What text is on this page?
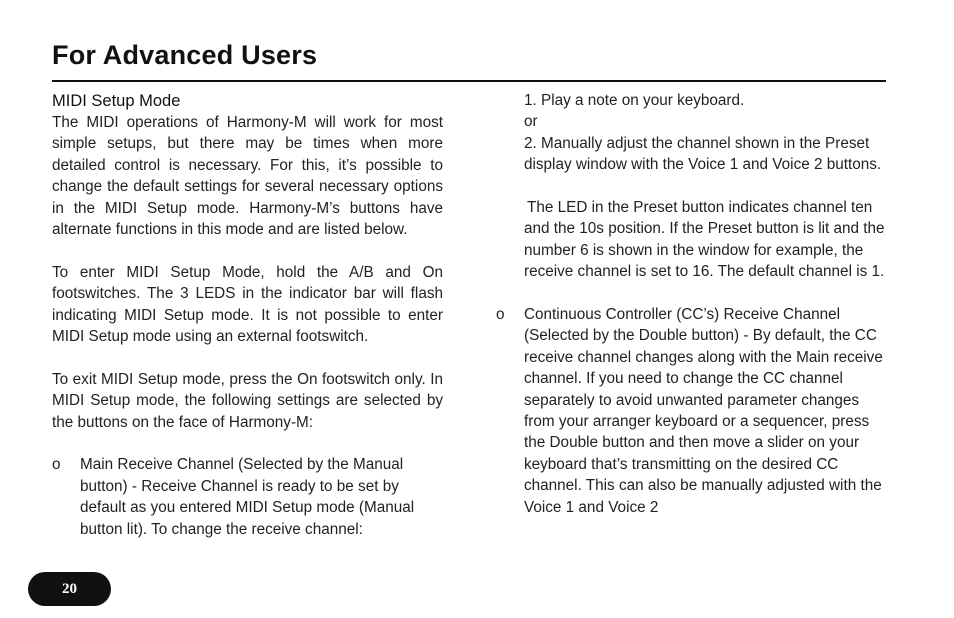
For Advanced Users

MIDI Setup Mode

The MIDI operations of Harmony-M will work for most simple setups, but there may be times when more detailed control is necessary. For this, it’s possible to change the default settings for several necessary options in the MIDI Setup mode. Harmony-M’s buttons have alternate functions in this mode and are listed below.

To enter MIDI Setup Mode, hold the A/B and On footswitches. The 3 LEDS in the indicator bar will flash indicating MIDI Setup mode. It is not possible to enter MIDI Setup mode using an external footswitch.

To exit MIDI Setup mode, press the On footswitch only. In MIDI Setup mode, the following settings are selected by the buttons on the face of Harmony-M:

o Main Receive Channel (Selected by the Manual button) - Receive Channel is ready to be set by default as you entered MIDI Setup mode (Manual button lit). To change the receive channel:

1. Play a note on your keyboard.

or

2. Manually adjust the channel shown in the Preset display window with the Voice 1 and Voice 2 buttons.

The LED in the Preset button indicates channel ten and the 10s position. If the Preset button is lit and the number 6 is shown in the window for example, the receive channel is set to 16. The default channel is 1.

o Continuous Controller (CC’s) Receive Channel (Selected by the Double button) - By default, the CC receive channel changes along with the Main receive channel. If you need to change the CC channel separately to avoid unwanted parameter changes from your arranger keyboard or a sequencer, press the Double button and then move a slider on your keyboard that’s transmitting on the desired CC channel. This can also be manually adjusted with the Voice 1 and Voice 2

20
